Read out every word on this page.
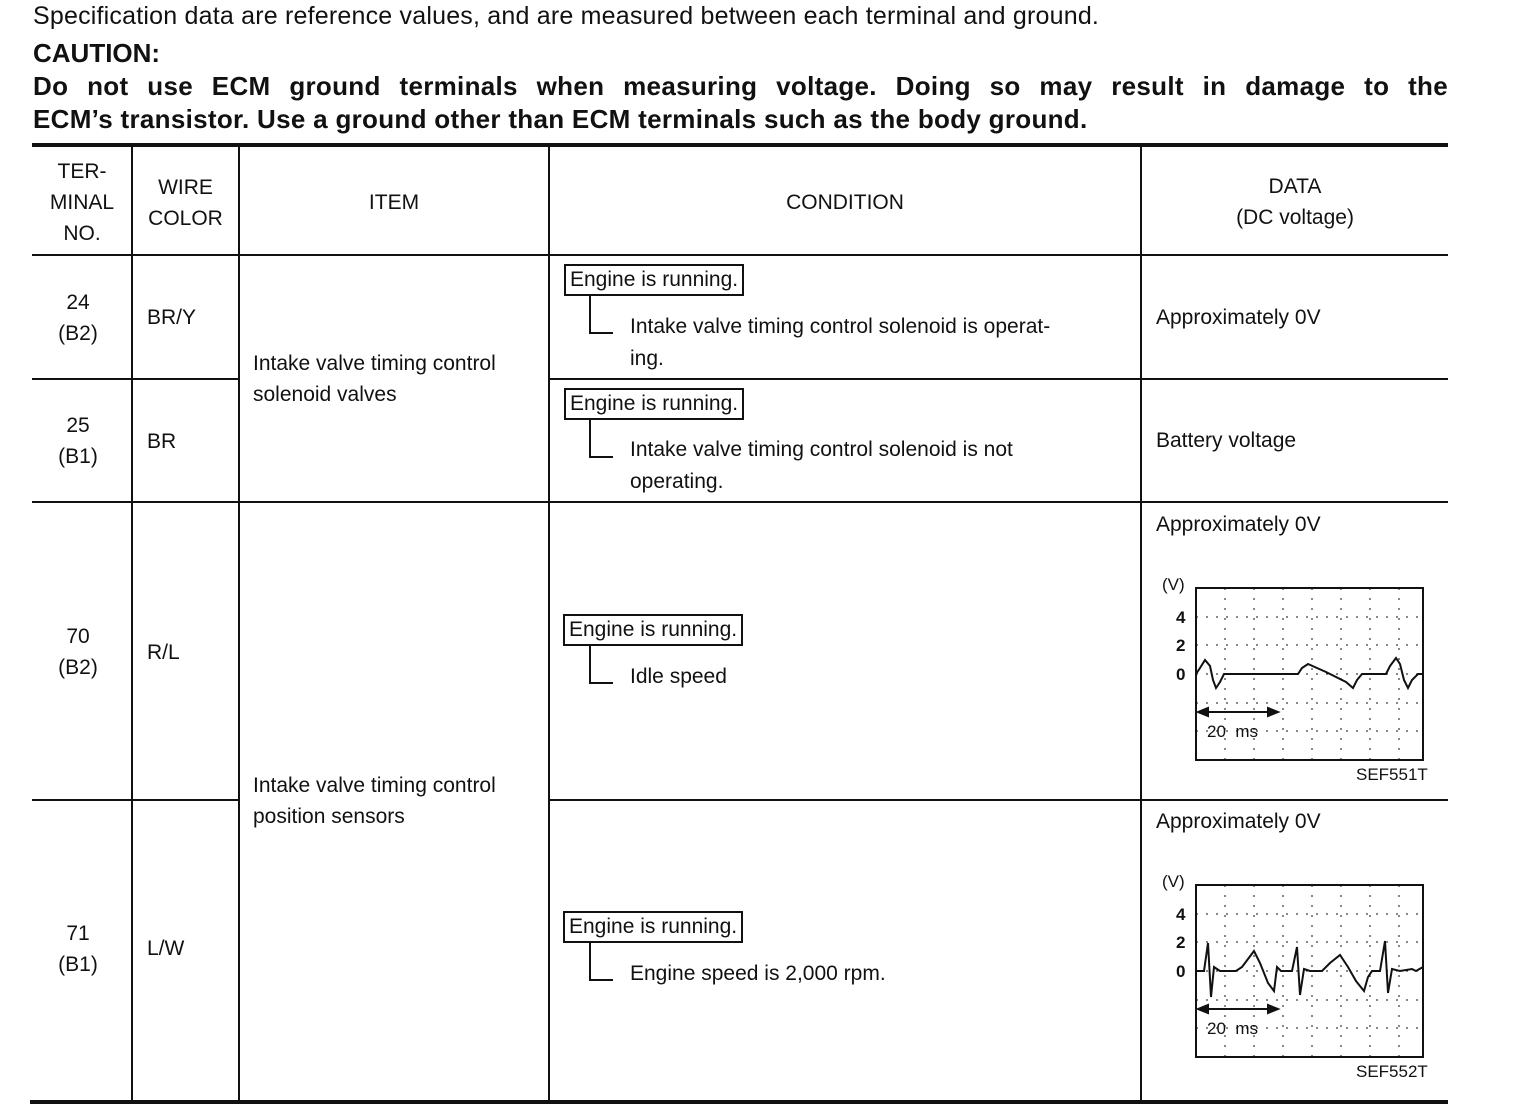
Specification data are reference values, and are measured between each terminal and ground.
CAUTION:
Do not use ECM ground terminals when measuring voltage. Doing so may result in damage to the
ECM’s transistor. Use a ground other than ECM terminals such as the body ground.
TER-
MINAL
NO.
WIRE
COLOR
ITEM	CONDITION
DATA
(DC voltage)
24
(B2)
BR/Y
Engine is running.
Intake valve timing control solenoid is operat-
ing.
Approximately 0V
25
(B1)
BR
Engine is running.
Intake valve timing control solenoid is not
operating.
Battery voltage
Intake valve timing control
solenoid valves
70
(B2)
R/L
Engine is running.
Idle speed
Approximately 0V
71
(B1)
L/W
Engine is running.
Engine speed is 2,000 rpm.
Approximately 0V
Intake valve timing control
position sensors
(V)
4
2
0
20  ms
SEF551T
(V)
4
2
0
20  ms
SEF552T
